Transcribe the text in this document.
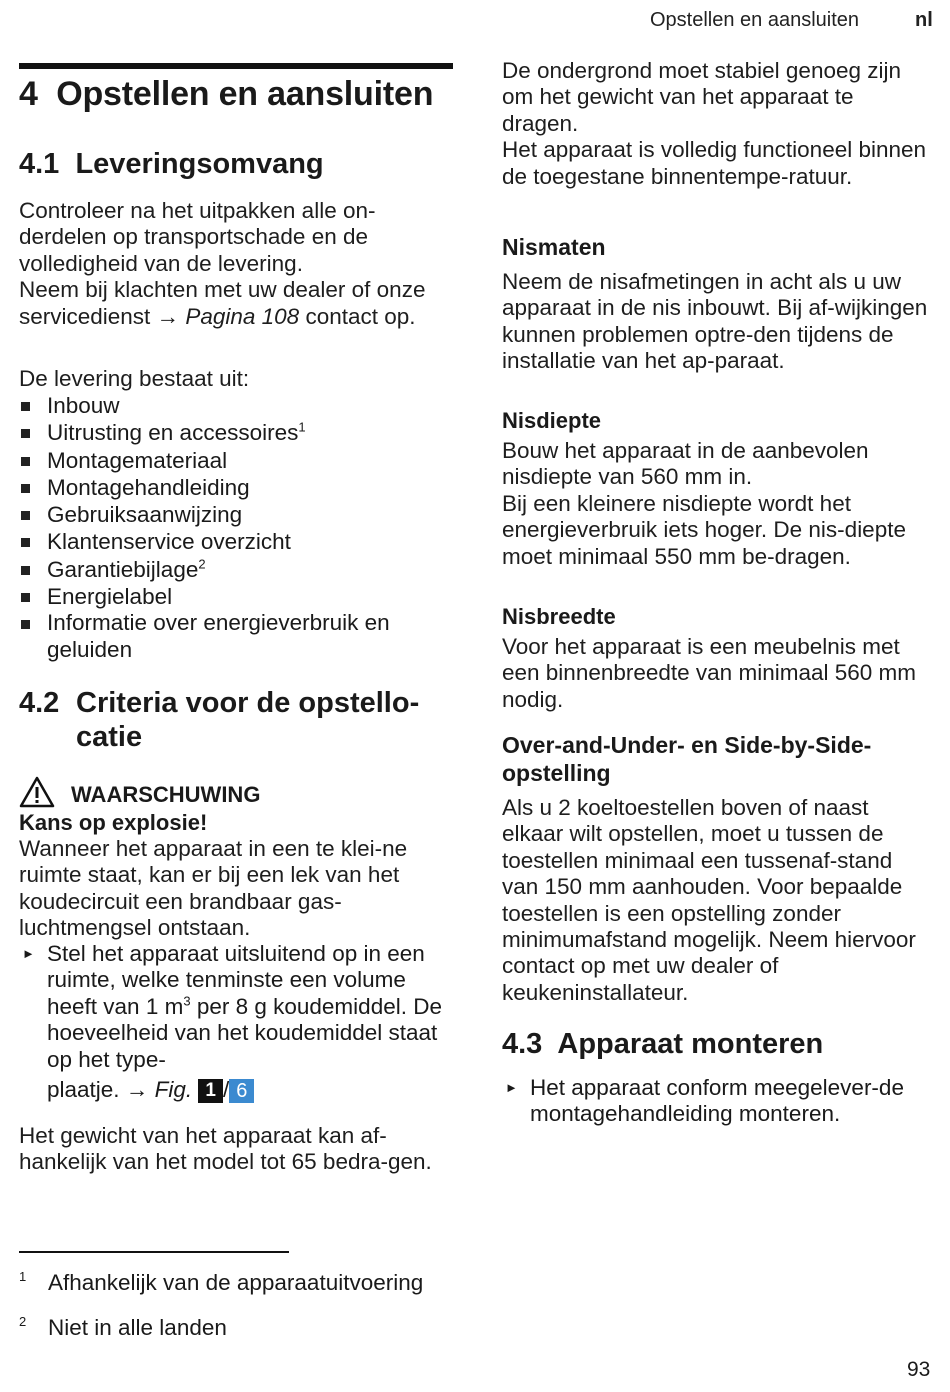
Opstellen en aansluiten	nl
4 Opstellen en aansluiten
4.1 Leveringsomvang

Controleer na het uitpakken alle on-derdelen op transportschade en de volledigheid van de levering.

Neem bij klachten met uw dealer of onze servicedienst → Pagina 108 contact op.

De levering bestaat uit:
Inbouw
Uitrusting en accessoires$^1$
Montagemateriaal
Montagehandleiding
Gebruiksaanwijzing
Klantenservice overzicht
Garantiebijlage$^2$
Energielabel
Informatie over energieverbruik en geluiden
4.2 Criteria voor de opstello-
catie
WAARSCHUWING
Kans op explosie!
Wanneer het apparaat in een te klei-ne ruimte staat, kan er bij een lek van het koudecircuit een brandbaar gas-luchtmengsel ontstaan.
► Stel het apparaat uitsluitend op in een ruimte, welke tenminste een volume heeft van 1 $m^3$ per 8 g koudemiddel. De hoeveelheid van het koudemiddel staat op het type-
plaatje. → Fig. 1 / 6
Het gewicht van het apparaat kan af-hankelijk van het model tot 65 bedra-gen.

De ondergrond moet stabiel genoeg zijn om het gewicht van het apparaat te dragen.

Het apparaat is volledig functioneel binnen de toegestane binnentempe-ratuur.

Nismaten
Neem de nisafmetingen in acht als u uw apparaat in de nis inbouwt. Bij af-wijkingen kunnen problemen optre-den tijdens de installatie van het ap-paraat.
Nisdiepte

Bouw het apparaat in de aanbevolen nisdiepte van 560 mm in.

Bij een kleinere nisdiepte wordt het energieverbruik iets hoger. De nis-diepte moet minimaal 550 mm be-dragen.

Nisbreedte
Voor het apparaat is een meubelnis met een binnenbreedte van minimaal 560 mm nodig.
Over-and-Under- en Side-by-Side-opstelling
Als u 2 koeltoestellen boven of naast elkaar wilt opstellen, moet u tussen de toestellen minimaal een tussenaf-stand van 150 mm aanhouden. Voor bepaalde toestellen is een opstelling zonder minimumafstand mogelijk. Neem hiervoor contact op met uw dealer of keukeninstallateur.
4.3 Apparaat monteren
► Het apparaat conform meegelever-de montagehandleiding monteren.
1 Afhankelijk van de apparaatuitvoering
2 Niet in alle landen
93
